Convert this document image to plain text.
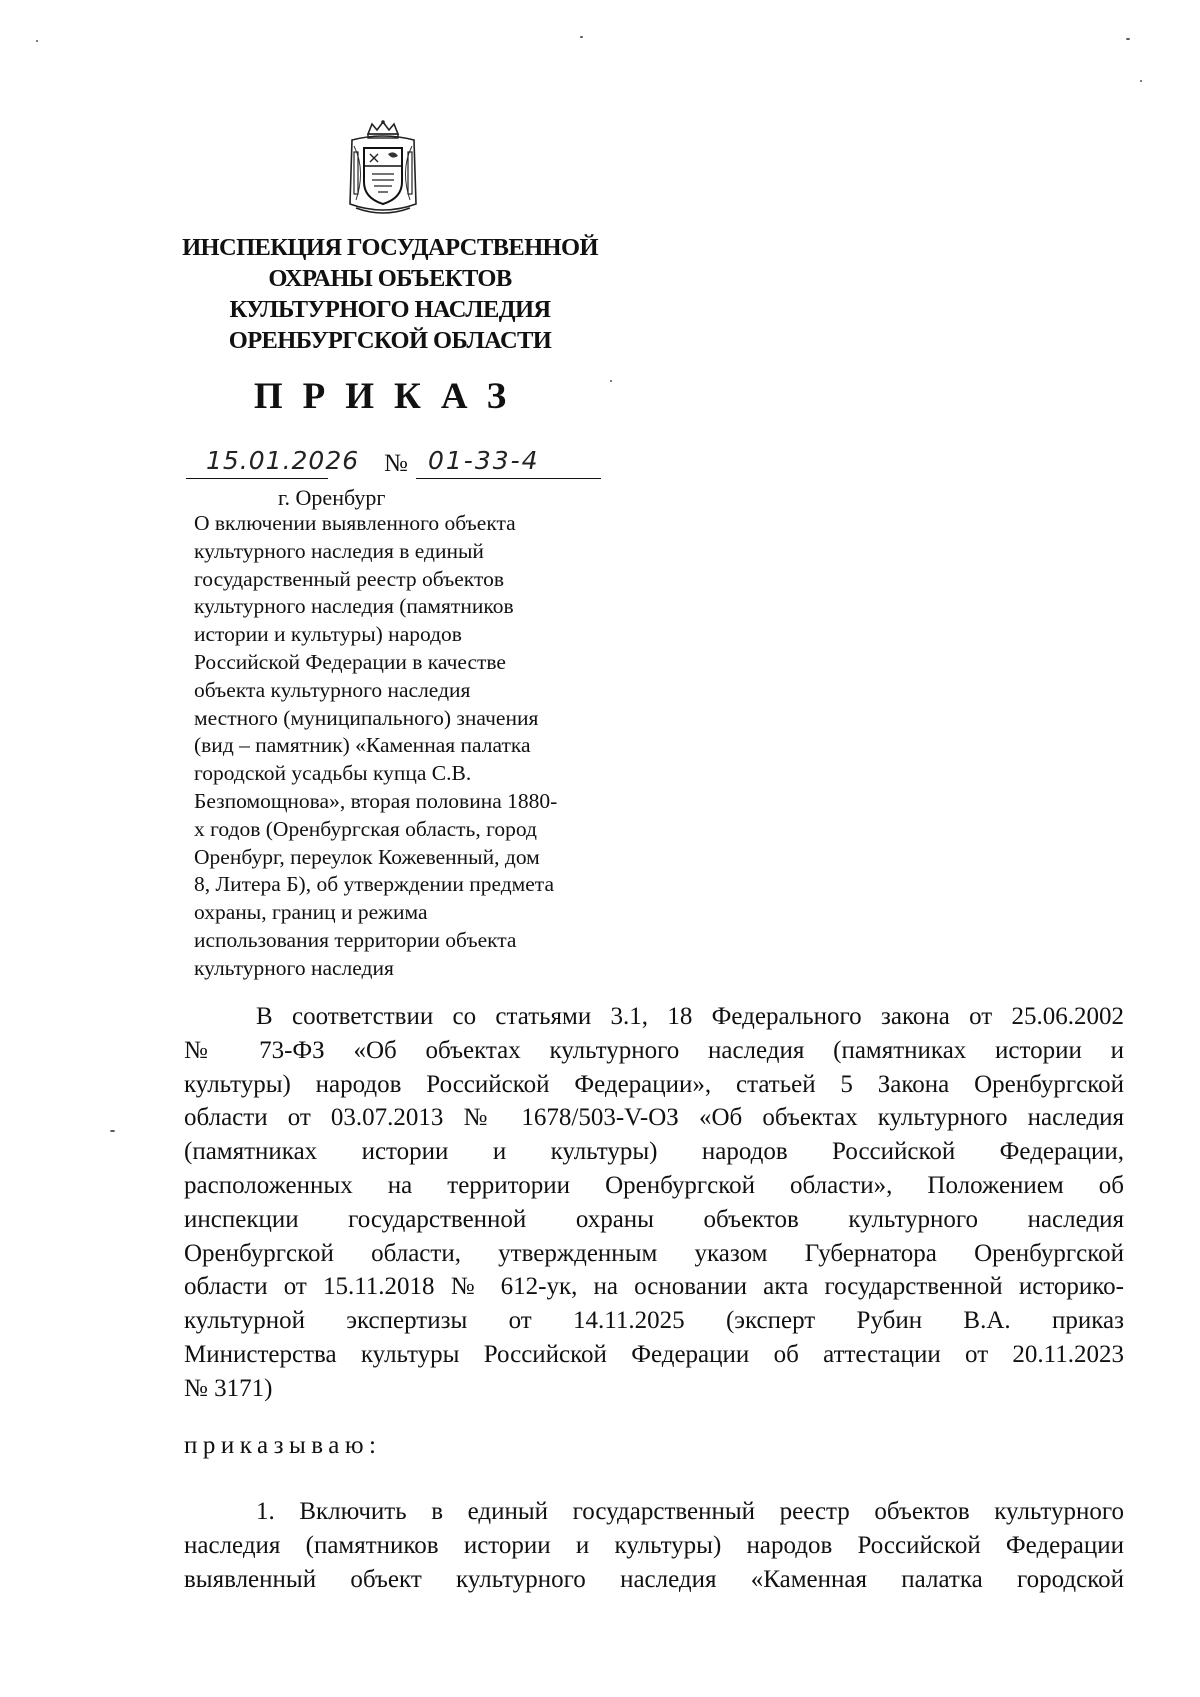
ИНСПЕКЦИЯ ГОСУДАРСТВЕННОЙ
ОХРАНЫ ОБЪЕКТОВ
КУЛЬТУРНОГО НАСЛЕДИЯ
ОРЕНБУРГСКОЙ ОБЛАСТИ
ПРИКАЗ
15.01.2026 № 01-33-4
г. Оренбург
О включении выявленного объекта
культурного наследия в единый
государственный реестр объектов
культурного наследия (памятников
истории и культуры) народов
Российской Федерации в качестве
объекта культурного наследия
местного (муниципального) значения
(вид – памятник) «Каменная палатка
городской усадьбы купца С.В.
Безпомощнова», вторая половина 1880-
х годов (Оренбургская область, город
Оренбург, переулок Кожевенный, дом
8, Литера Б), об утверждении предмета
охраны, границ и режима
использования территории объекта
культурного наследия
В соответствии со статьями 3.1, 18 Федерального закона от 25.06.2002
№ 73-ФЗ «Об объектах культурного наследия (памятниках истории и
культуры) народов Российской Федерации», статьей 5 Закона Оренбургской
области от 03.07.2013 № 1678/503-V-ОЗ «Об объектах культурного наследия
(памятниках истории и культуры) народов Российской Федерации,
расположенных на территории Оренбургской области», Положением об
инспекции государственной охраны объектов культурного наследия
Оренбургской области, утвержденным указом Губернатора Оренбургской
области от 15.11.2018 № 612-ук, на основании акта государственной историко-
культурной экспертизы от 14.11.2025 (эксперт Рубин В.А. приказ
Министерства культуры Российской Федерации об аттестации от 20.11.2023
№ 3171)
приказываю:
1. Включить в единый государственный реестр объектов культурного
наследия (памятников истории и культуры) народов Российской Федерации
выявленный объект культурного наследия «Каменная палатка городской
